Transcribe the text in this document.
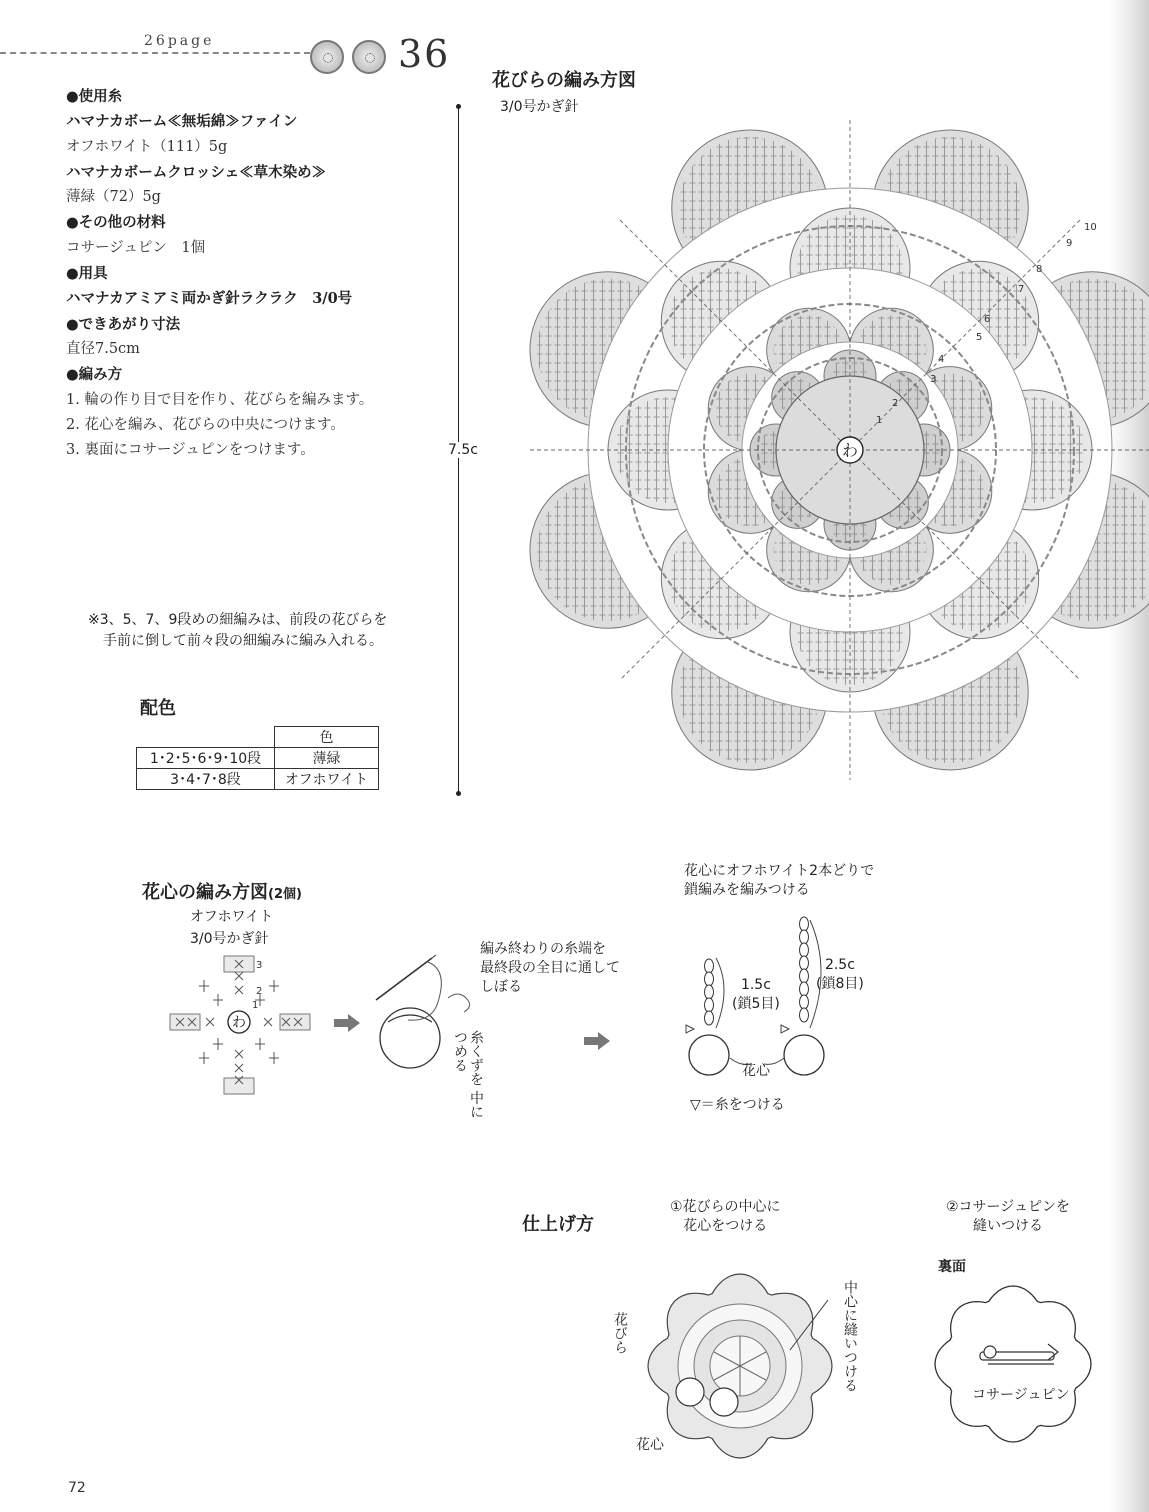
26page	36
●使用糸
ハマナカボーム≪無垢綿≫ファイン
オフホワイト（111）5g
ハマナカボームクロッシェ≪草木染め≫
薄緑（72）5g
●その他の材料
コサージュピン　1個
●用具
ハマナカアミアミ両かぎ針ラクラク　3/0号
●できあがり寸法
直径7.5cm
●編み方
1. 輪の作り目で目を作り、花びらを編みます。
2. 花心を編み、花びらの中央につけます。
3. 裏面にコサージュピンをつけます。
※3、5、7、9段めの細編みは、前段の花びらを
手前に倒して前々段の細編みに編み入れる。
配色
	色
1･2･5･6･9･10段	薄緑
3･4･7･8段	オフホワイト
花びらの編み方図
3/0号かぎ針
7.5c	わ
1
2
3
4
5
6
7
8
9
10
花心の編み方図(2個)
オフホワイト
3/0号かぎ針
わ
3
2
1
編み終わりの糸端を
最終段の全目に通して
しぼる
糸くずを 中につめる
花心にオフホワイト2本どりで
鎖編みを編みつける
1.5c
(鎖5目)
2.5c
(鎖8目)
花心
▽＝糸をつける
仕上げ方
①花びらの中心に
花心をつける
②コサージュピンを
縫いつける
花びら	中心に縫いつける
花心
裏面
コサージュピン
72
